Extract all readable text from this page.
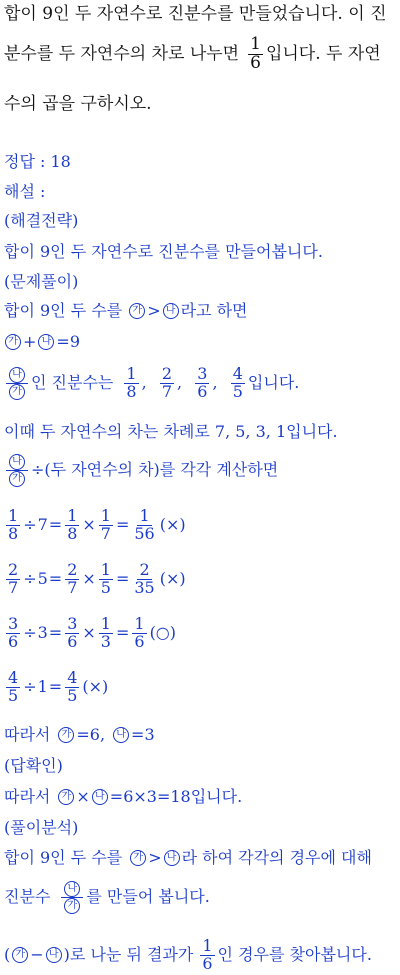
합이 9인 두 자연수로 진분수를 만들었습니다. 이 진
분수를 두 자연수의 차로 나누면 $\frac{1}{6}$ 입니다. 두 자연
수의 곱을 구하시오.
정답 : 18
해설 :
(해결전략)
합이 9인 두 자연수로 진분수를 만들어봅니다.
(문제풀이)
합이 9인 두 수를	가 > 나 라고 하면
가 + 나 =9
$\frac{\text{나}}{\text{가}}$ 인 진분수는 $\frac{1}{8}$ , $\frac{2}{7}$ , $\frac{3}{6}$ , $\frac{4}{5}$ 입니다.
이때 두 자연수의 차는 차례로 7, 5, 3, 1입니다.
$\frac{\text{나}}{\text{가}}$ ÷(두 자연수의 차)를 각각 계산하면
$\frac{1}{8} \div 7 = \frac{1}{8} \times \frac{1}{7} = \frac{1}{56}$ (×)
$\frac{2}{7} \div 5 = \frac{2}{7} \times \frac{1}{5} = \frac{2}{35}$ (×)
$\frac{3}{6} \div 3 = \frac{3}{6} \times \frac{1}{3} = \frac{1}{6}$ (○)
$\frac{4}{5} \div 1 = \frac{4}{5}$ (×)
따라서	가 =6,	나 =3
(답확인)
따라서	가 × 나 =6×3=18입니다.
(풀이분석)
합이 9인 두 수를	가 > 나 라 하여 각각의 경우에 대해
진분수 $\frac{\text{나}}{\text{가}}$ 를 만들어 봅니다.
( 가 − 나 )로 나눈 뒤 결과가 $\frac{1}{6}$ 인 경우를 찾아봅니다.
